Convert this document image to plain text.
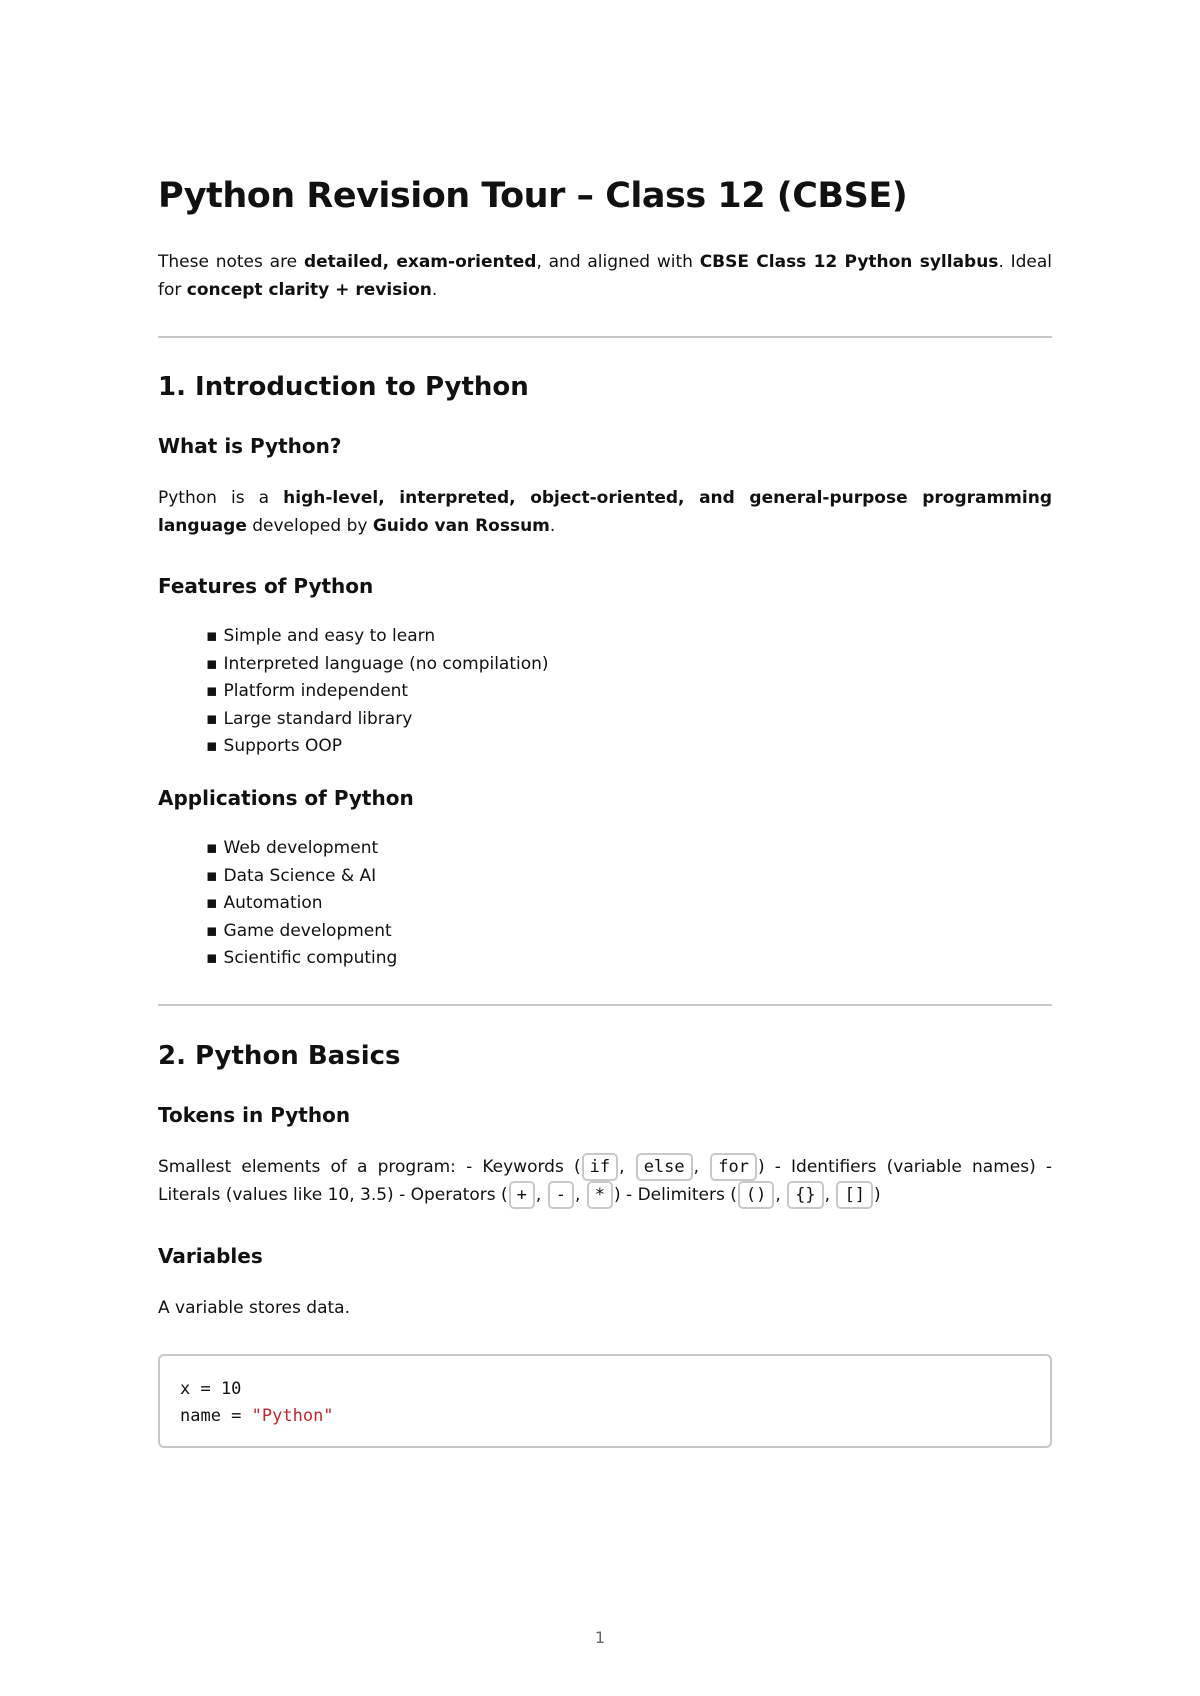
Python Revision Tour – Class 12 (CBSE)

These notes are detailed, exam-oriented, and aligned with CBSE Class 12 Python syllabus. Ideal for concept clarity + revision.

1. Introduction to Python
What is Python?

Python is a high-level, interpreted, object-oriented, and general-purpose programming language developed by Guido van Rossum.

Features of Python
▪ Simple and easy to learn
▪ Interpreted language (no compilation)
▪ Platform independent
▪ Large standard library
▪ Supports OOP
Applications of Python
▪ Web development
▪ Data Science & AI
▪ Automation
▪ Game development
▪ Scientific computing
2. Python Basics
Tokens in Python

Smallest elements of a program: - Keywords ( if , else , for ) - Identifiers (variable names) - Literals (values like 10, 3.5) - Operators ( + , - , * ) - Delimiters ( () , {} , [] )

Variables

A variable stores data.

x = 10
name = "Python"
1
